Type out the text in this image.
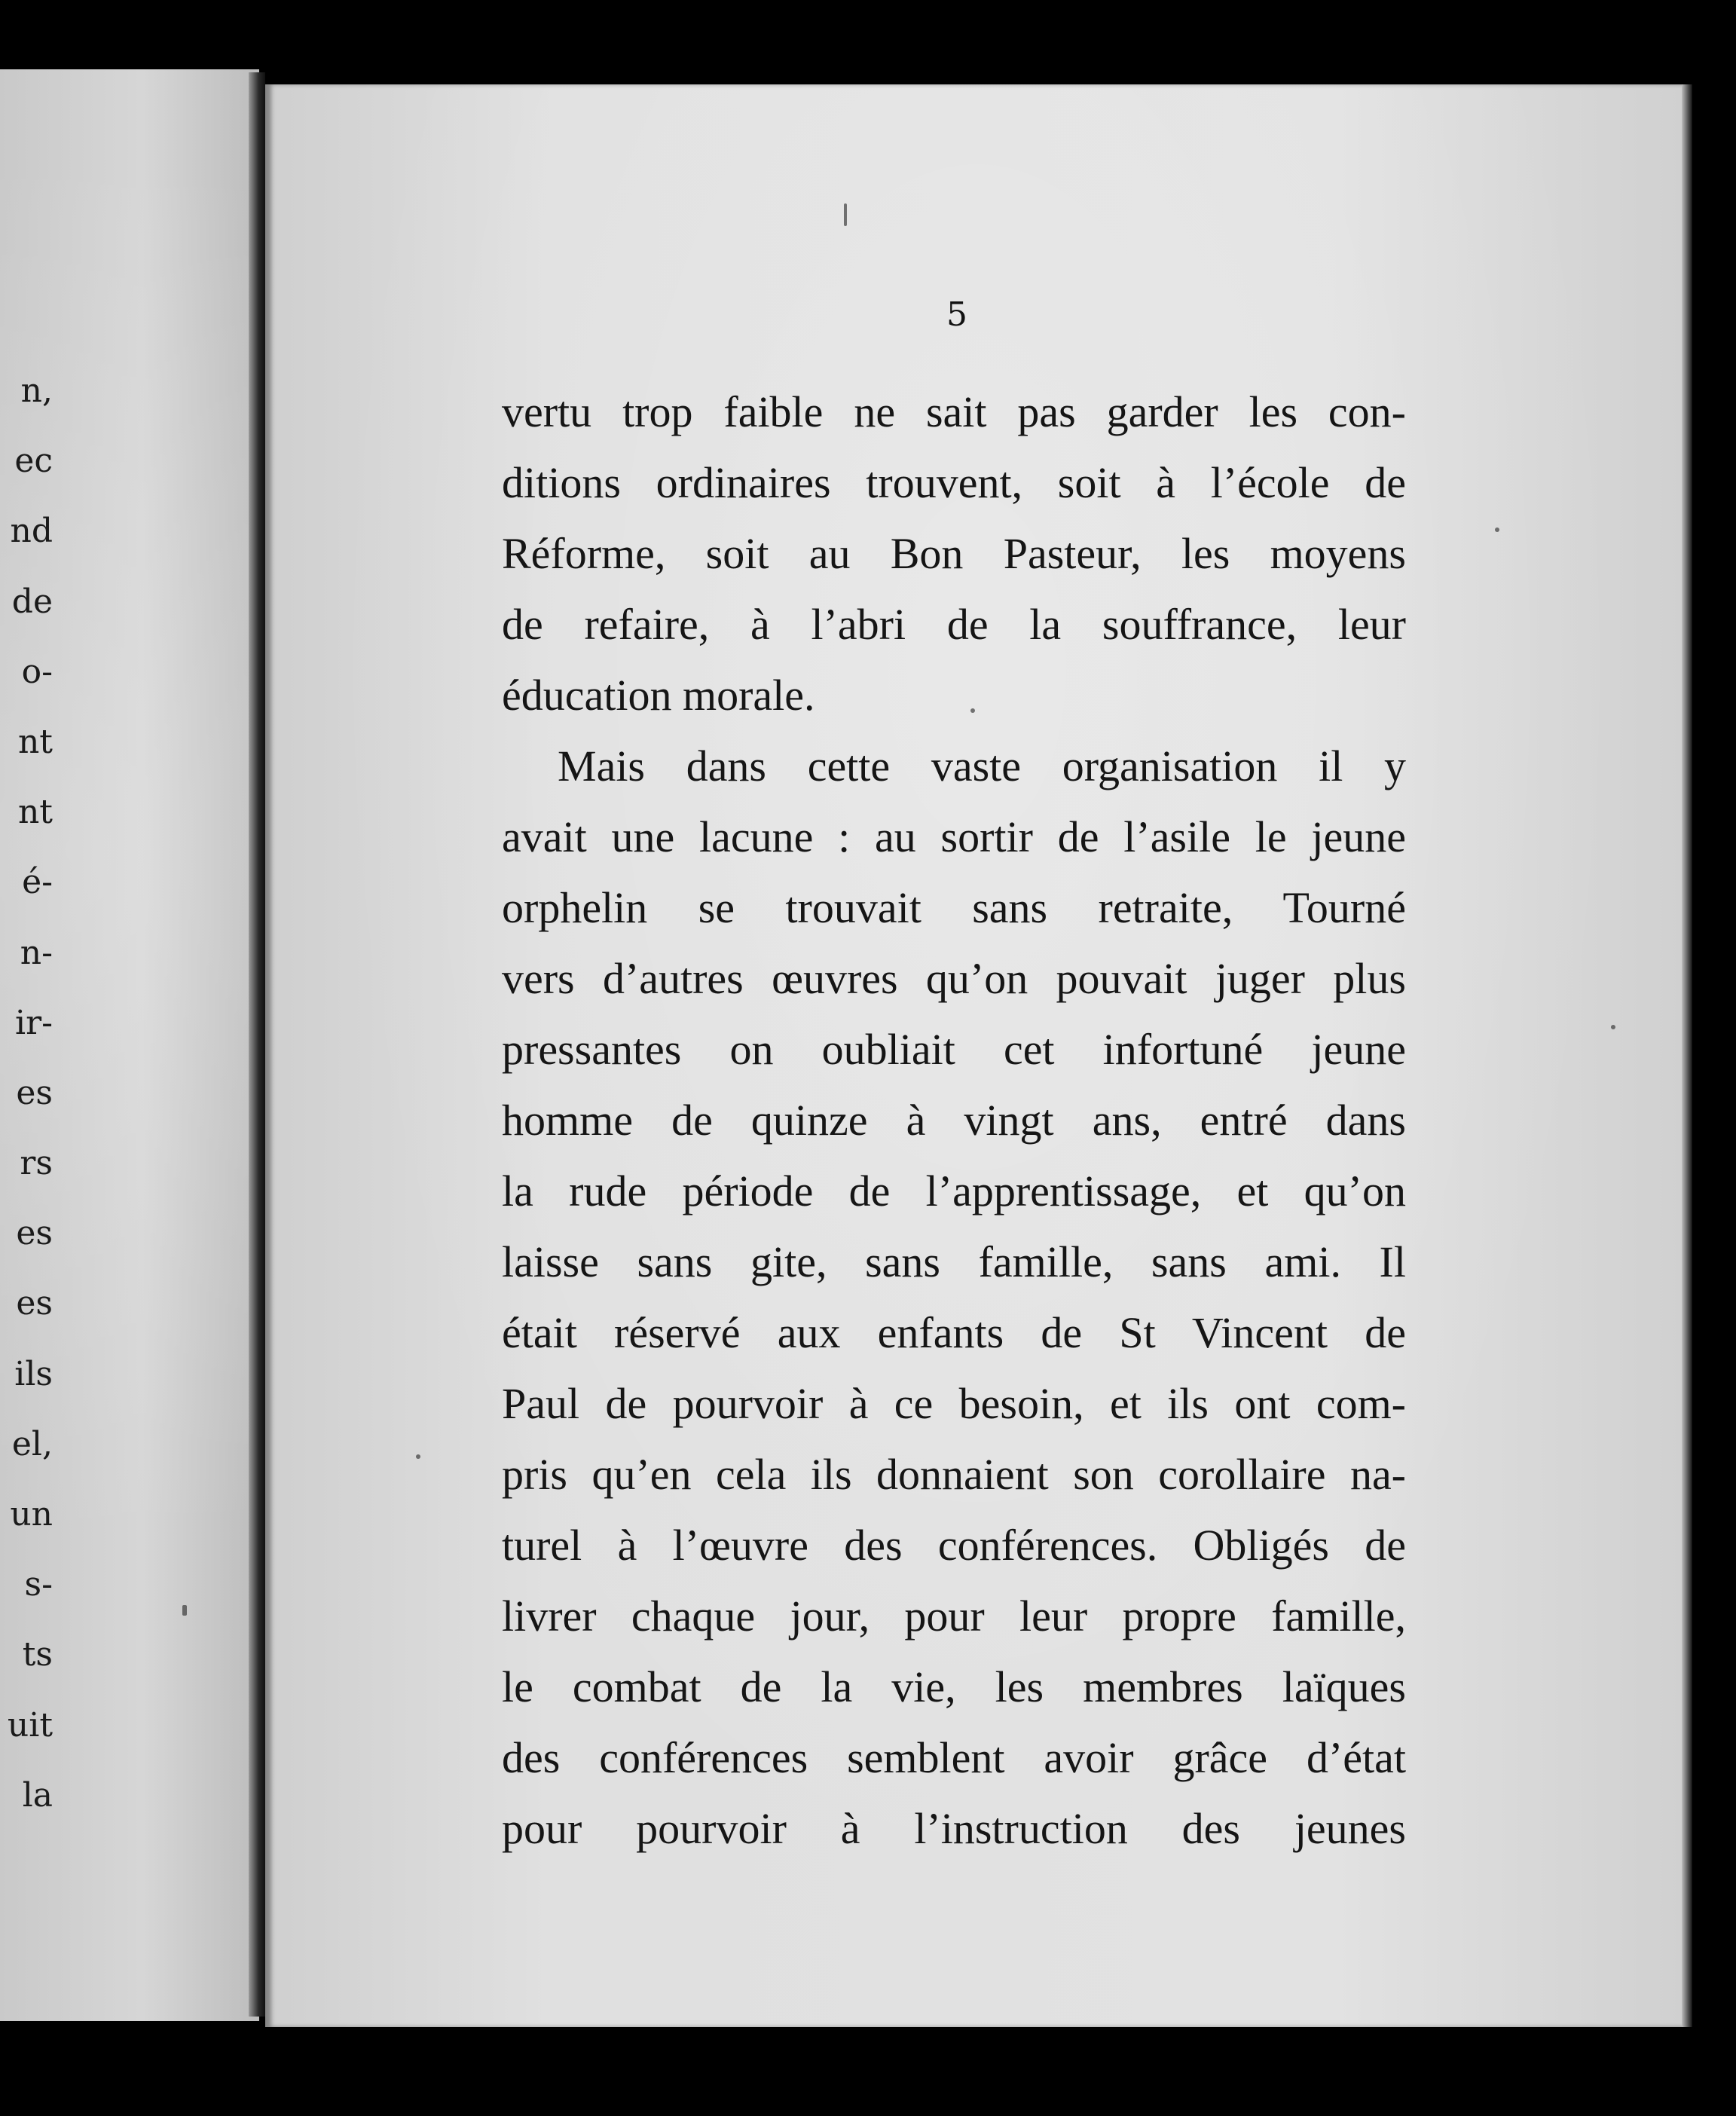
n,
ec
nd
de
o-
nt
nt
é-
n-
ir-
es
rs
es
es
ils
el,
un
s-
ts
uit
la
5
vertu trop faible ne sait pas garder les con-
ditions ordinaires trouvent, soit à l’école de
Réforme, soit au Bon Pasteur, les moyens
de refaire, à l’abri de la souffrance, leur
éducation morale.
Mais dans cette vaste organisation il y
avait une lacune : au sortir de l’asile le jeune
orphelin se trouvait sans retraite, Tourné
vers d’autres œuvres qu’on pouvait juger plus
pressantes on oubliait cet infortuné jeune
homme de quinze à vingt ans, entré dans
la rude période de l’apprentissage, et qu’on
laisse sans gite, sans famille, sans ami. Il
était réservé aux enfants de St Vincent de
Paul de pourvoir à ce besoin, et ils ont com-
pris qu’en cela ils donnaient son corollaire na-
turel à l’œuvre des conférences. Obligés de
livrer chaque jour, pour leur propre famille,
le combat de la vie, les membres laïques
des conférences semblent avoir grâce d’état
pour pourvoir à l’instruction des jeunes
